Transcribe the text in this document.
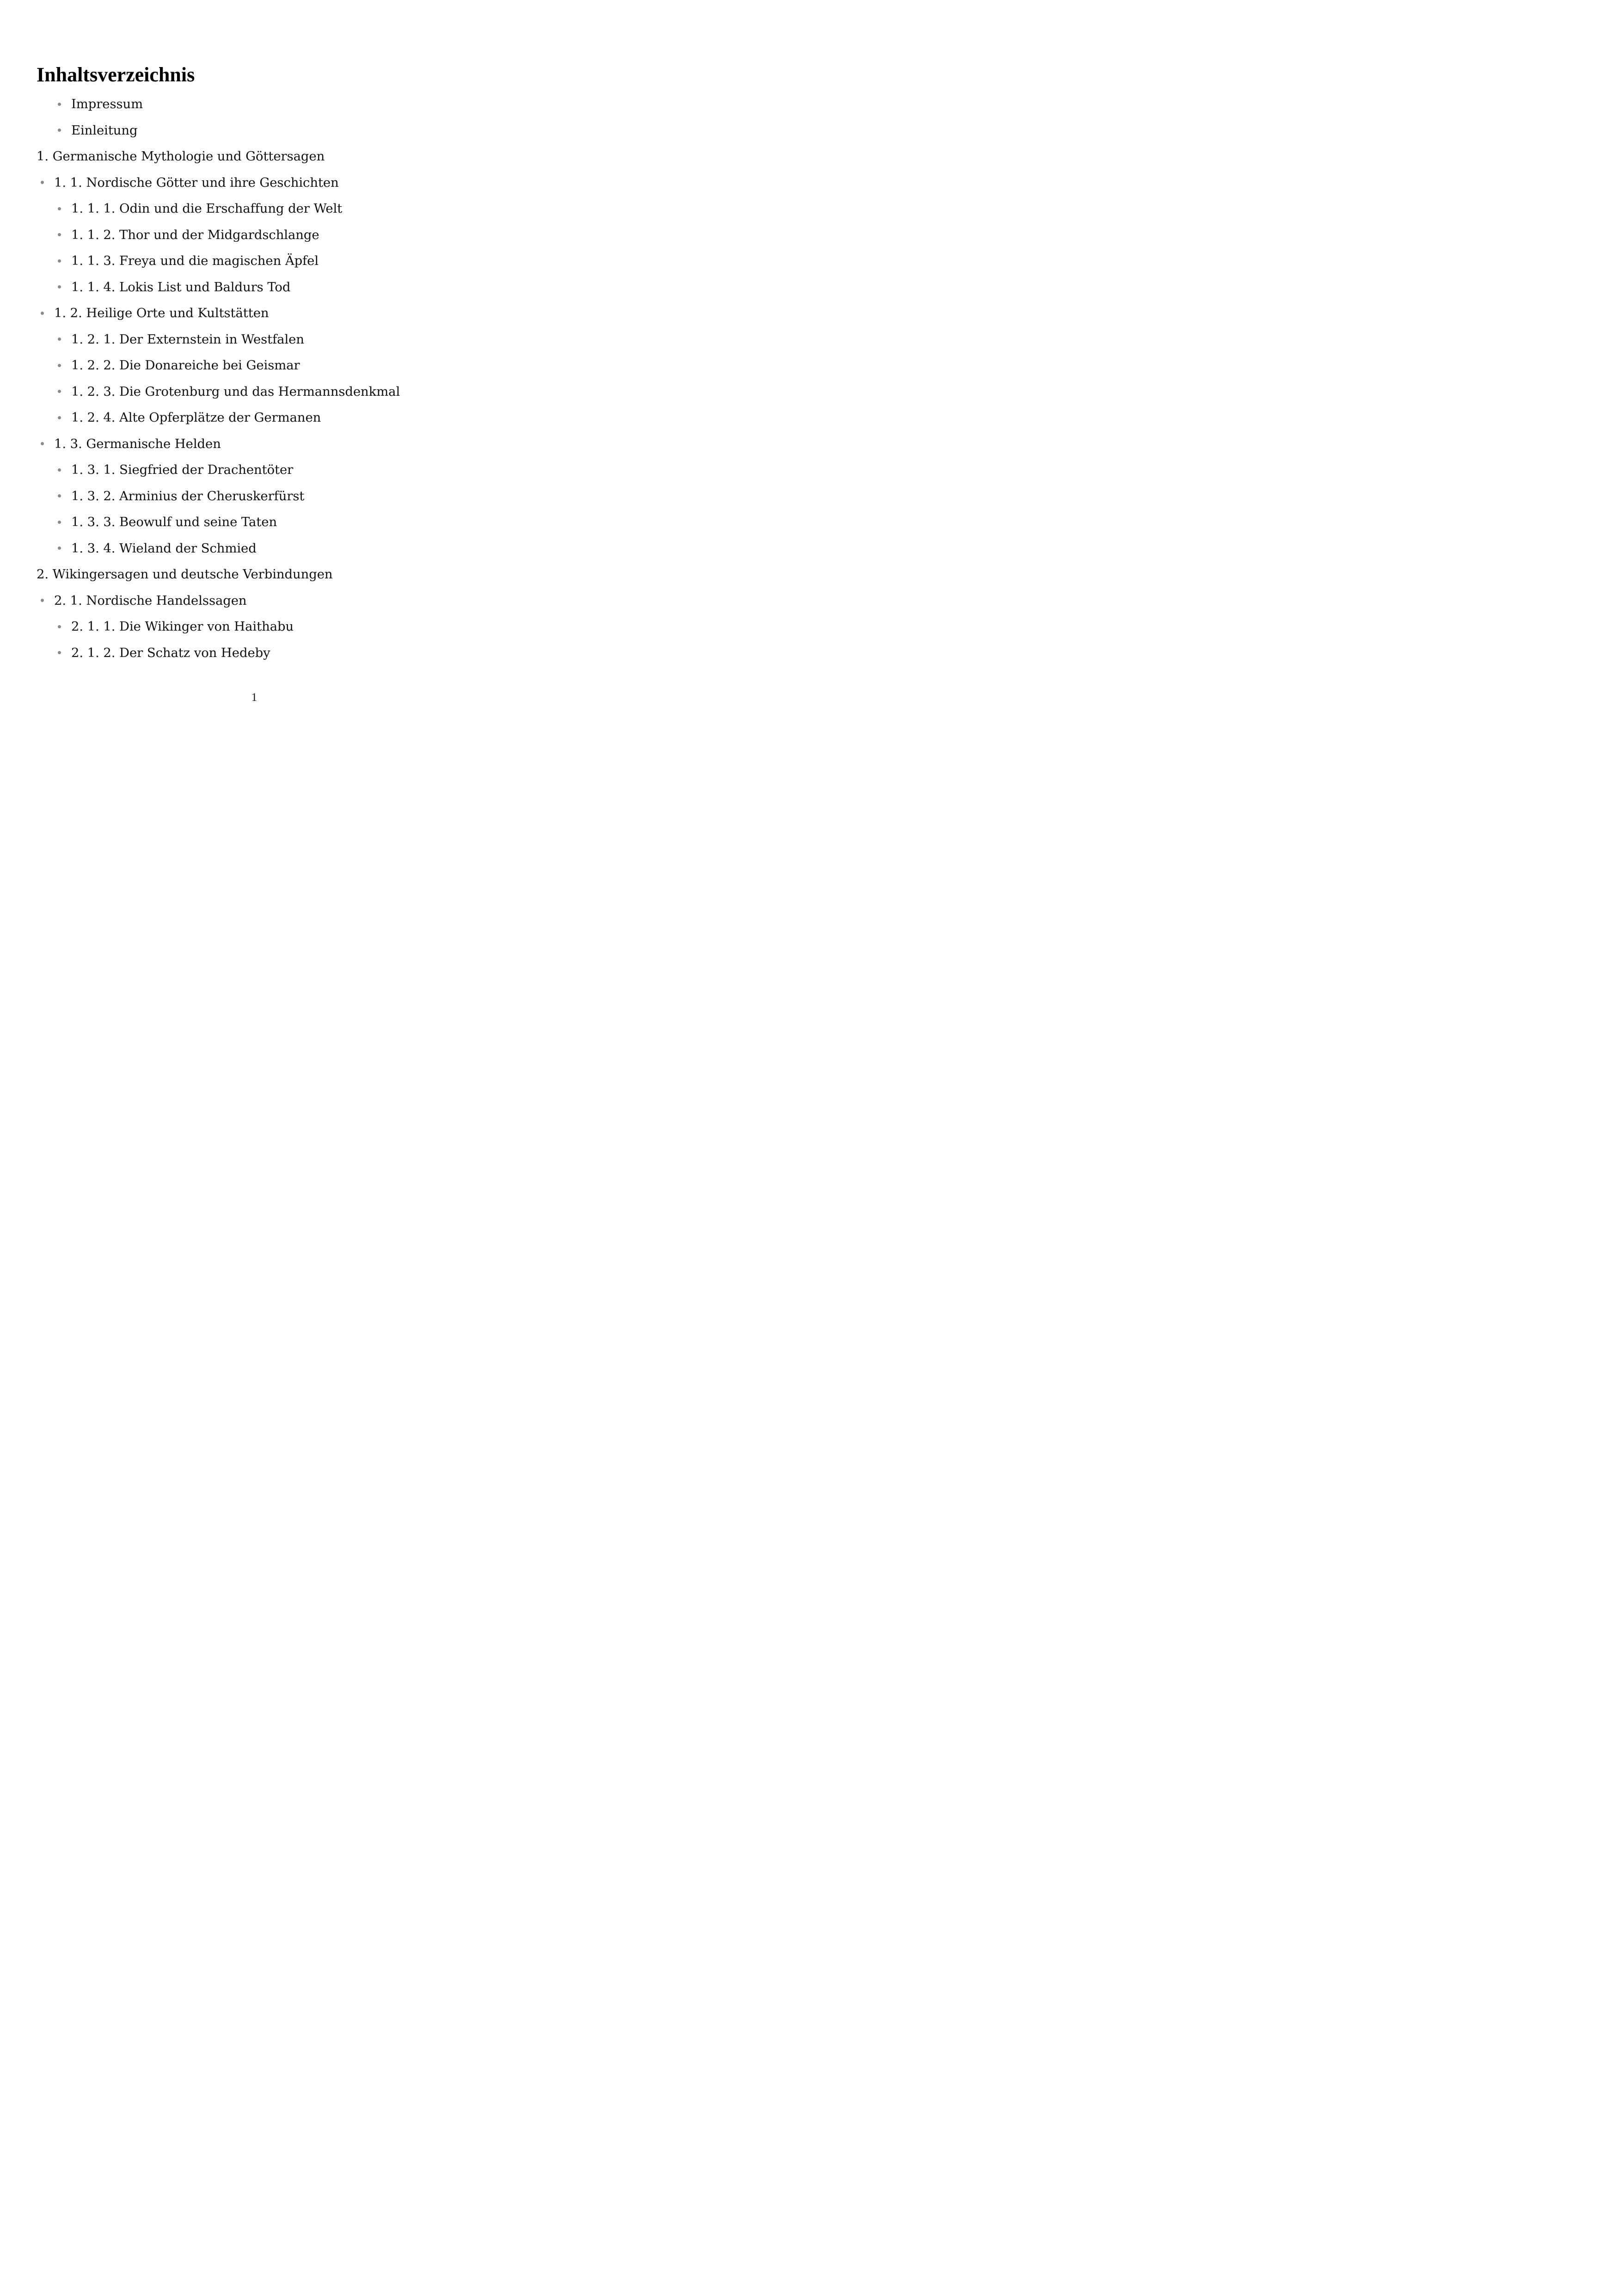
Inhaltsverzeichnis
Impressum
Einleitung
1. Germanische Mythologie und Göttersagen
1. 1. Nordische Götter und ihre Geschichten
1. 1. 1. Odin und die Erschaffung der Welt
1. 1. 2. Thor und der Midgardschlange
1. 1. 3. Freya und die magischen Äpfel
1. 1. 4. Lokis List und Baldurs Tod
1. 2. Heilige Orte und Kultstätten
1. 2. 1. Der Externstein in Westfalen
1. 2. 2. Die Donareiche bei Geismar
1. 2. 3. Die Grotenburg und das Hermannsdenkmal
1. 2. 4. Alte Opferplätze der Germanen
1. 3. Germanische Helden
1. 3. 1. Siegfried der Drachentöter
1. 3. 2. Arminius der Cheruskerfürst
1. 3. 3. Beowulf und seine Taten
1. 3. 4. Wieland der Schmied
2. Wikingersagen und deutsche Verbindungen
2. 1. Nordische Handelssagen
2. 1. 1. Die Wikinger von Haithabu
2. 1. 2. Der Schatz von Hedeby
1
